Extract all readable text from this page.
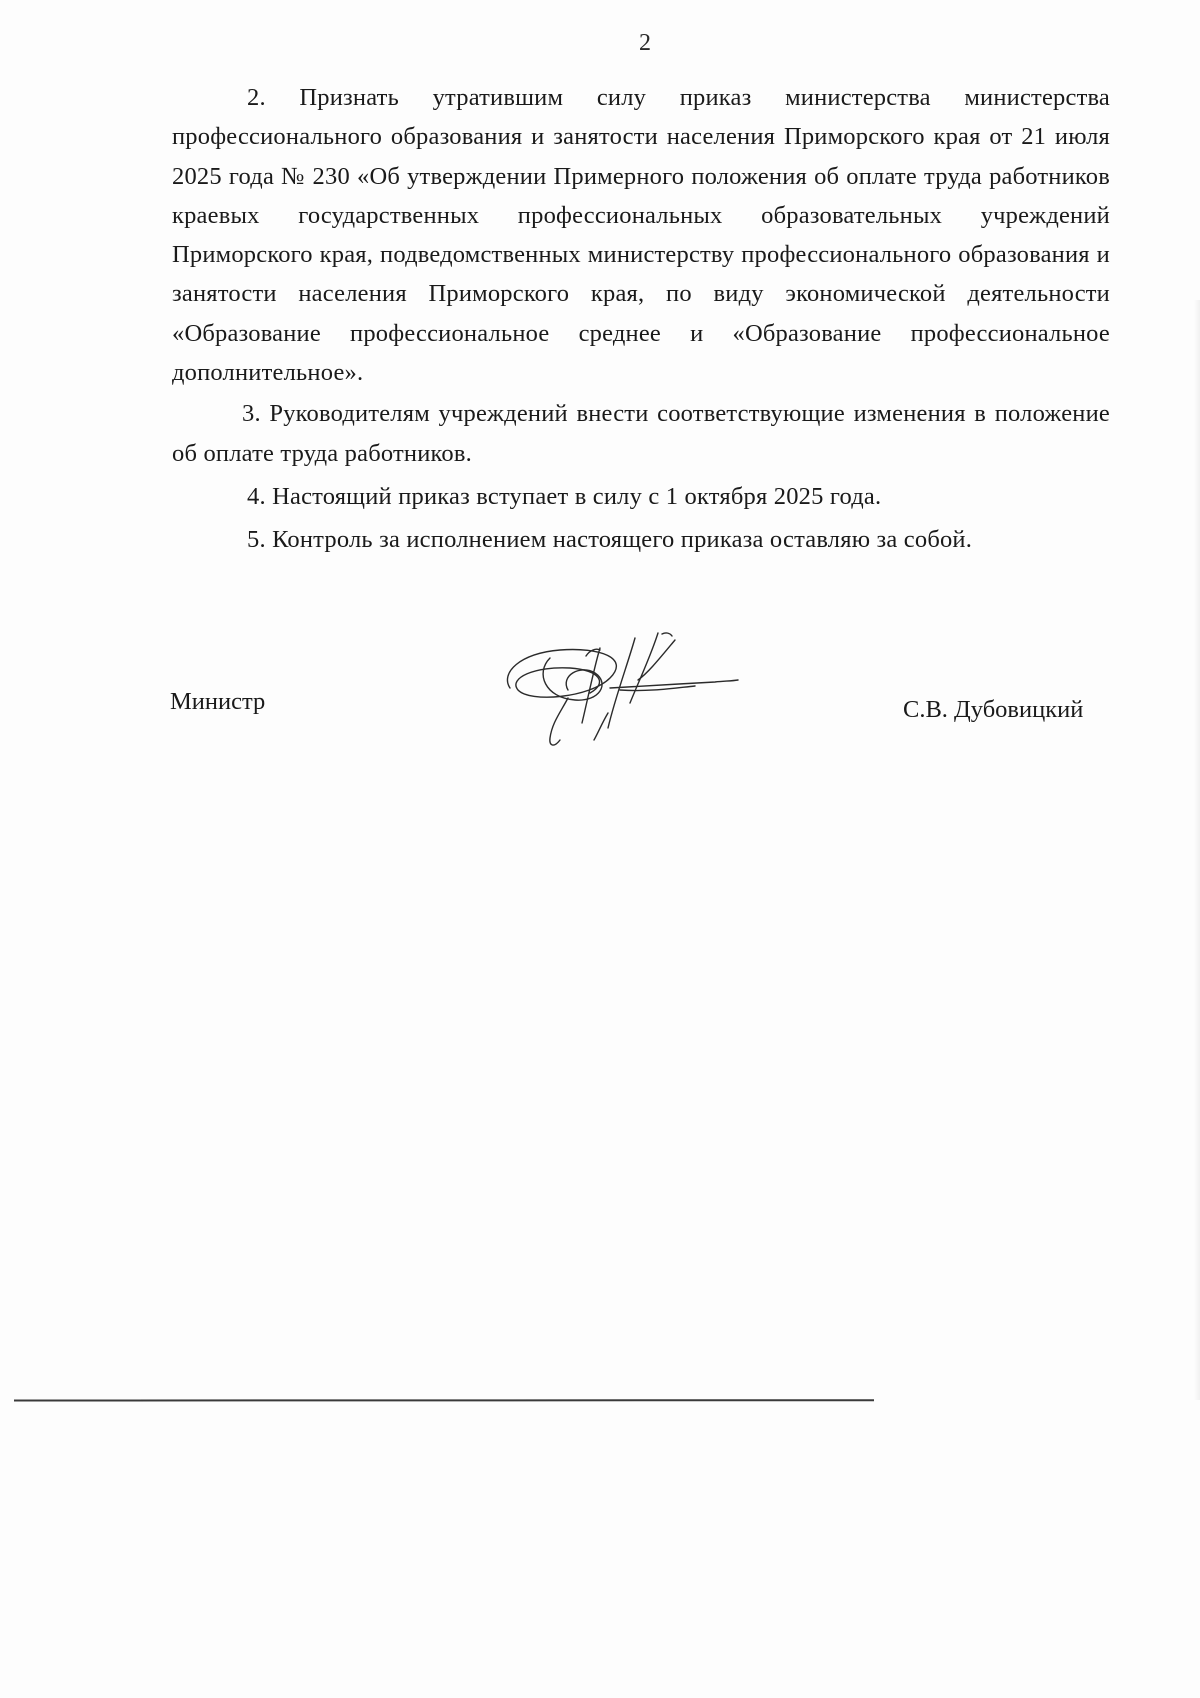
2

2. Признать утратившим силу приказ министерства министерства профессионального образования и занятости населения Приморского края от 21 июля 2025 года № 230 «Об утверждении Примерного положения об оплате труда работников краевых государственных профессиональных образовательных учреждений Приморского края, подведомственных министерству профессионального образования и занятости населения Приморского края, по виду экономической деятельности «Образование профессиональное среднее и «Образование профессиональное дополнительное».

3. Руководителям учреждений внести соответствующие изменения в положение об оплате труда работников.

4. Настоящий приказ вступает в силу с 1 октября 2025 года.

5. Контроль за исполнением настоящего приказа оставляю за собой.

Министр	С.В. Дубовицкий
